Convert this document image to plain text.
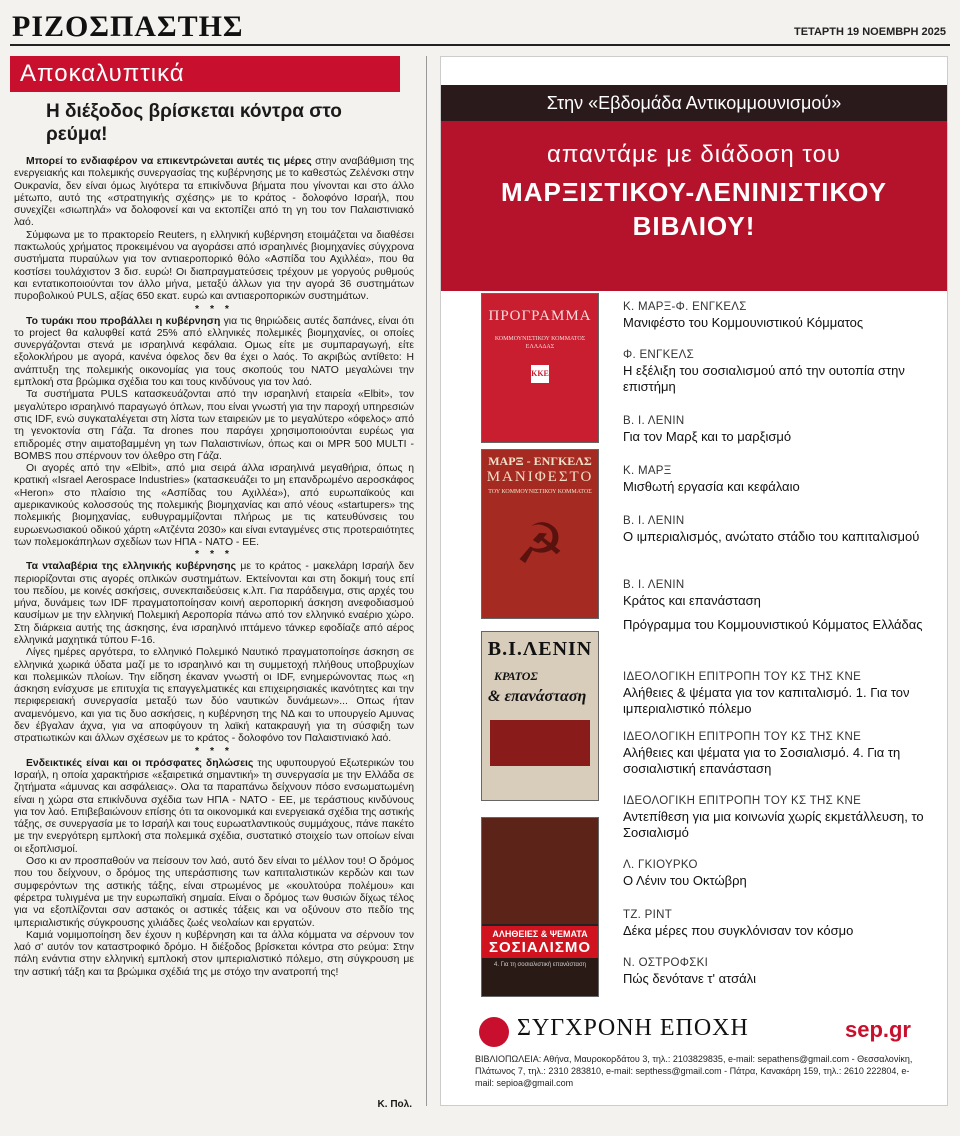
ΡΙΖΟΣΠΑΣΤΗΣ	ΤΕΤΑΡΤΗ 19 ΝΟΕΜΒΡΗ 2025
Αποκαλυπτικά
Η διέξοδος βρίσκεται κόντρα στο ρεύμα!

Μπορεί το ενδιαφέρον να επικεντρώνεται αυτές τις μέρες στην αναβάθμιση της ενεργειακής και πολεμικής συνεργασίας της κυβέρνησης με το καθεστώς Ζελένσκι στην Ουκρανία, δεν είναι όμως λιγότερα τα επικίνδυνα βήματα που γίνονται και στο άλλο μέτωπο, αυτό της «στρατηγικής σχέσης» με το κράτος - δολοφόνο Ισραήλ, που συνεχίζει «σιωπηλά» να δολοφονεί και να εκτοπίζει από τη γη του τον Παλαιστινιακό λαό.

Σύμφωνα με το πρακτορείο Reuters, η ελληνική κυβέρνηση ετοιμάζεται να διαθέσει πακτωλούς χρήματος προκειμένου να αγοράσει από ισραηλινές βιομηχανίες σύγχρονα συστήματα πυραύλων για τον αντιαεροπορικό θόλο «Ασπίδα του Αχιλλέα», που θα κοστίσει τουλάχιστον 3 δισ. ευρώ! Οι διαπραγματεύσεις τρέχουν με γοργούς ρυθμούς και εντατικοποιούνται τον άλλο μήνα, μεταξύ άλλων για την αγορά 36 συστημάτων πυροβολικού PULS, αξίας 650 εκατ. ευρώ και αντιαεροπορικών συστημάτων.

* * *

Το τυράκι που προβάλλει η κυβέρνηση για τις θηριώδεις αυτές δαπάνες, είναι ότι το project θα καλυφθεί κατά 25% από ελληνικές πολεμικές βιομηχανίες, οι οποίες συνεργάζονται στενά με ισραηλινά κεφάλαια. Ομως είτε με συμπαραγωγή, είτε εξολοκλήρου με αγορά, κανένα όφελος δεν θα έχει ο λαός. Το ακριβώς αντίθετο: Η ανάπτυξη της πολεμικής οικονομίας για τους σκοπούς του ΝΑΤΟ μεγαλώνει την εμπλοκή στα βρώμικα σχέδια του και τους κινδύνους για τον λαό.

Τα συστήματα PULS κατασκευάζονται από την ισραηλινή εταιρεία «Elbit», τον μεγαλύτερο ισραηλινό παραγωγό όπλων, που είναι γνωστή για την παροχή υπηρεσιών στις IDF, ενώ συγκαταλέγεται στη λίστα των εταιρειών με το μεγαλύτερο «όφελος» από τη γενοκτονία στη Γάζα. Τα drones που παράγει χρησιμοποιούνται ευρέως για επιδρομές στην αιματοβαμμένη γη των Παλαιστινίων, όπως και οι MPR 500 MULTI - BOMBS που σπέρνουν τον όλεθρο στη Γάζα.

Οι αγορές από την «Elbit», από μια σειρά άλλα ισραηλινά μεγαθήρια, όπως η κρατική «Israel Aerospace Industries» (κατασκευάζει το μη επανδρωμένο αεροσκάφος «Heron» στο πλαίσιο της «Ασπίδας του Αχιλλέα»), από ευρωπαϊκούς και αμερικανικούς κολοσσούς της πολεμικής βιομηχανίας και από νέους «startupers» της πολεμικής βιομηχανίας, ευθυγραμμίζονται πλήρως με τις κατευθύνσεις του ευρωενωσιακού οδικού χάρτη «Ατζέντα 2030» και είναι ενταγμένες στις προτεραιότητες των πολεμοκάπηλων σχεδίων των ΗΠΑ - ΝΑΤΟ - ΕΕ.

* * *

Τα νταλαβέρια της ελληνικής κυβέρνησης με το κράτος - μακελάρη Ισραήλ δεν περιορίζονται στις αγορές οπλικών συστημάτων. Εκτείνονται και στη δοκιμή τους επί του πεδίου, με κοινές ασκήσεις, συνεκπαιδεύσεις κ.λπ. Για παράδειγμα, στις αρχές του μήνα, δυνάμεις των IDF πραγματοποίησαν κοινή αεροπορική άσκηση ανεφοδιασμού καυσίμων με την ελληνική Πολεμική Αεροπορία πάνω από τον ελληνικό εναέριο χώρο. Στη διάρκεια αυτής της άσκησης, ένα ισραηλινό ιπτάμενο τάνκερ εφοδίαζε από αέρος ελληνικά μαχητικά τύπου F-16.

Λίγες ημέρες αργότερα, το ελληνικό Πολεμικό Ναυτικό πραγματοποίησε άσκηση σε ελληνικά χωρικά ύδατα μαζί με το ισραηλινό και τη συμμετοχή πλήθους υποβρυχίων και πολεμικών πλοίων. Την είδηση έκαναν γνωστή οι IDF, ενημερώνοντας πως «η άσκηση ενίσχυσε με επιτυχία τις επαγγελματικές και επιχειρησιακές ικανότητες και την περιφερειακή συνεργασία μεταξύ των δύο ναυτικών δυνάμεων»... Οπως ήταν αναμενόμενο, και για τις δυο ασκήσεις, η κυβέρνηση της ΝΔ και το υπουργείο Αμυνας δεν έβγαλαν άχνα, για να αποφύγουν τη λαϊκή κατακραυγή για τη σύσφιξη των στρατιωτικών και άλλων σχέσεων με το κράτος - δολοφόνο τον Παλαιστινιακό λαό.

* * *

Ενδεικτικές είναι και οι πρόσφατες δηλώσεις της υφυπουργού Εξωτερικών του Ισραήλ, η οποία χαρακτήρισε «εξαιρετικά σημαντική» τη συνεργασία με την Ελλάδα σε ζητήματα «άμυνας και ασφάλειας». Ολα τα παραπάνω δείχνουν πόσο ενσωματωμένη είναι η χώρα στα επικίνδυνα σχέδια των ΗΠΑ - ΝΑΤΟ - ΕΕ, με τεράστιους κινδύνους για τον λαό. Επιβεβαιώνουν επίσης ότι τα οικονομικά και ενεργειακά σχέδια της αστικής τάξης, σε συνεργασία με το Ισραήλ και τους ευρωατλαντικούς συμμάχους, πάνε πακέτο με την ενεργότερη εμπλοκή στα πολεμικά σχέδια, συστατικό στοιχείο των οποίων είναι οι εξοπλισμοί.

Οσο κι αν προσπαθούν να πείσουν τον λαό, αυτό δεν είναι το μέλλον του! Ο δρόμος που του δείχνουν, ο δρόμος της υπεράσπισης των καπιταλιστικών κερδών και των συμφερόντων της αστικής τάξης, είναι στρωμένος με «κουλτούρα πολέμου» και φέρετρα τυλιγμένα με την ευρωπαϊκή σημαία. Είναι ο δρόμος των θυσιών δίχως τέλος για να εξοπλίζονται σαν αστακός οι αστικές τάξεις και να οξύνουν στο πεδίο της ιμπεριαλιστικής σύγκρουσης χιλιάδες ζωές νεολαίων και εργατών.

Καμιά νομιμοποίηση δεν έχουν η κυβέρνηση και τα άλλα κόμματα να σέρνουν τον λαό σ' αυτόν τον καταστροφικό δρόμο. Η διέξοδος βρίσκεται κόντρα στο ρεύμα: Στην πάλη ενάντια στην ελληνική εμπλοκή στον ιμπεριαλιστικό πόλεμο, στη σύγκρουση με την αστική τάξη και τα βρώμικα σχέδιά της με στόχο την ανατροπή της!

Κ. Πολ.
Στην «Εβδομάδα Αντικομμουνισμού»
απαντάμε με διάδοση του
ΜΑΡΞΙΣΤΙΚΟΥ-ΛΕΝΙΝΙΣΤΙΚΟΥ
ΒΙΒΛΙΟΥ!
ΠΡΟΓΡΑΜΜΑ
ΚΟΜΜΟΥΝΙΣΤΙΚΟΥ ΚΟΜΜΑΤΟΣ ΕΛΛΑΔΑΣ
ΚΚΕ
ΜΑΡΞ - ΕΝΓΚΕΛΣ
ΜΑΝΙΦΕΣΤΟ
ΤΟΥ ΚΟΜΜΟΥΝΙΣΤΙΚΟΥ ΚΟΜΜΑΤΟΣ
☭
Β.Ι.ΛΕΝΙΝ
ΚΡΑΤΟΣ
& επανάσταση
ΑΛΗΘΕΙΕΣ & ΨΕΜΑΤΑ
ΣΟΣΙΑΛΙΣΜΟ
4. Για τη σοσιαλιστική επανάσταση
Κ. ΜΑΡΞ-Φ. ΕΝΓΚΕΛΣ
Μανιφέστο του Κομμουνιστικού Κόμματος
Φ. ΕΝΓΚΕΛΣ
Η εξέλιξη του σοσιαλισμού από την ουτοπία στην επιστήμη
Β. Ι. ΛΕΝΙΝ
Για τον Μαρξ και το μαρξισμό
Κ. ΜΑΡΞ
Μισθωτή εργασία και κεφάλαιο
Β. Ι. ΛΕΝΙΝ
Ο ιμπεριαλισμός, ανώτατο στάδιο του καπιταλισμού
Β. Ι. ΛΕΝΙΝ
Κράτος και επανάσταση
Πρόγραμμα του Κομμουνιστικού Κόμματος Ελλάδας
ΙΔΕΟΛΟΓΙΚΗ ΕΠΙΤΡΟΠΗ ΤΟΥ ΚΣ ΤΗΣ ΚΝΕ
Αλήθειες & ψέματα για τον καπιταλισμό. 1. Για τον ιμπεριαλιστικό πόλεμο
ΙΔΕΟΛΟΓΙΚΗ ΕΠΙΤΡΟΠΗ ΤΟΥ ΚΣ ΤΗΣ ΚΝΕ
Αλήθειες και ψέματα για το Σοσιαλισμό. 4. Για τη σοσιαλιστική επανάσταση
ΙΔΕΟΛΟΓΙΚΗ ΕΠΙΤΡΟΠΗ ΤΟΥ ΚΣ ΤΗΣ ΚΝΕ
Αντεπίθεση για μια κοινωνία χωρίς εκμετάλλευση, το Σοσιαλισμό
Λ. ΓΚΙΟΥΡΚΟ
Ο Λένιν του Οκτώβρη
ΤΖ. ΡΙΝΤ
Δέκα μέρες που συγκλόνισαν τον κόσμο
Ν. ΟΣΤΡΟΦΣΚΙ
Πώς δενότανε τ' ατσάλι
ΣΥΓΧΡΟΝΗ ΕΠΟΧΗ	sep.gr
ΒΙΒΛΙΟΠΩΛΕΙΑ: Αθήνα, Μαυροκορδάτου 3, τηλ.: 2103829835, e-mail: sepathens@gmail.com - Θεσσαλονίκη, Πλάτωνος 7, τηλ.: 2310 283810, e-mail: septhess@gmail.com - Πάτρα, Κανακάρη 159, τηλ.: 2610 222804, e-mail: sepioa@gmail.com
